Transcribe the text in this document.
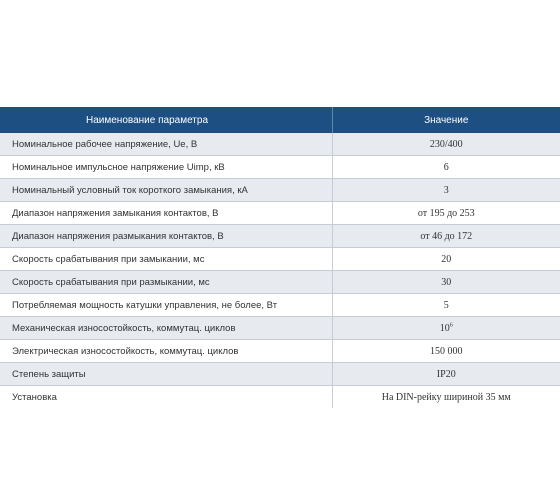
Наименование параметра	Значение
Номинальное рабочее напряжение, Ue, В	230/400
Номинальное импульсное напряжение Uimp, кВ	6
Номинальный условный ток короткого замыкания, кА	3
Диапазон напряжения замыкания контактов, В	от 195 до 253
Диапазон напряжения размыкания контактов, В	от 46 до 172
Скорость срабатывания при замыкании, мс	20
Скорость срабатывания при размыкании, мс	30
Потребляемая мощность катушки управления, не более, Вт	5
Механическая износостойкость, коммутац. циклов	$10^6$
Электрическая износостойкость, коммутац. циклов	150 000
Степень защиты	IP20
Установка	На DIN-рейку шириной 35 мм
